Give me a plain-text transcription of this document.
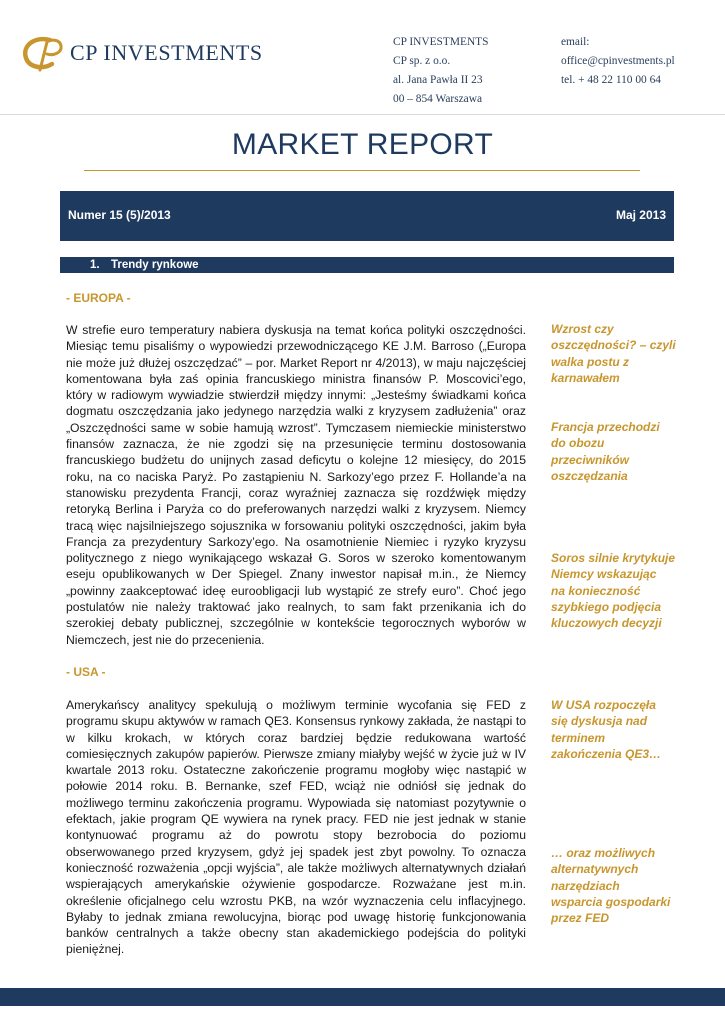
CP INVESTMENTS	CP INVESTMENTS
CP sp. z o.o.
al. Jana Pawła II 23
00 – 854 Warszawa
email:
office@cpinvestments.pl
tel. + 48 22 110 00 64
MARKET REPORT
Numer 15 (5)/2013	Maj 2013
1. Trendy rynkowe
- EUROPA -
W strefie euro temperatury nabiera dyskusja na temat końca polityki oszczędności.
Miesiąc temu pisaliśmy o wypowiedzi przewodniczącego KE J.M. Barroso („Europa
nie może już dłużej oszczędzać” – por. Market Report nr 4/2013), w maju najczęściej
komentowana była zaś opinia francuskiego ministra finansów P. Moscovici’ego,
który w radiowym wywiadzie stwierdził między innymi: „Jesteśmy świadkami końca
dogmatu oszczędzania jako jedynego narzędzia walki z kryzysem zadłużenia” oraz
„Oszczędności same w sobie hamują wzrost”. Tymczasem niemieckie ministerstwo
finansów zaznacza, że nie zgodzi się na przesunięcie terminu dostosowania
francuskiego budżetu do unijnych zasad deficytu o kolejne 12 miesięcy, do 2015
roku, na co naciska Paryż. Po zastąpieniu N. Sarkozy’ego przez F. Hollande’a na
stanowisku prezydenta Francji, coraz wyraźniej zaznacza się rozdźwięk między
retoryką Berlina i Paryża co do preferowanych narzędzi walki z kryzysem. Niemcy
tracą więc najsilniejszego sojusznika w forsowaniu polityki oszczędności, jakim była
Francja za prezydentury Sarkozy’ego. Na osamotnienie Niemiec i ryzyko kryzysu
politycznego z niego wynikającego wskazał G. Soros w szeroko komentowanym
eseju opublikowanych w Der Spiegel. Znany inwestor napisał m.in., że Niemcy
„powinny zaakceptować ideę euroobligacji lub wystąpić ze strefy euro”. Choć jego
postulatów nie należy traktować jako realnych, to sam fakt przenikania ich do
szerokiej debaty publicznej, szczególnie w kontekście tegorocznych wyborów w
Niemczech, jest nie do przecenienia.
Wzrost czy
oszczędności? – czyli
walka postu z
karnawałem
Francja przechodzi
do obozu
przeciwników
oszczędzania
Soros silnie krytykuje
Niemcy wskazując
na konieczność
szybkiego podjęcia
kluczowych decyzji
- USA -
Amerykańscy analitycy spekulują o możliwym terminie wycofania się FED z
programu skupu aktywów w ramach QE3. Konsensus rynkowy zakłada, że nastąpi to
w kilku krokach, w których coraz bardziej będzie redukowana wartość
comiesięcznych zakupów papierów. Pierwsze zmiany miałyby wejść w życie już w IV
kwartale 2013 roku. Ostateczne zakończenie programu mogłoby więc nastąpić w
połowie 2014 roku. B. Bernanke, szef FED, wciąż nie odniósł się jednak do
możliwego terminu zakończenia programu. Wypowiada się natomiast pozytywnie o
efektach, jakie program QE wywiera na rynek pracy. FED nie jest jednak w stanie
kontynuować programu aż do powrotu stopy bezrobocia do poziomu
obserwowanego przed kryzysem, gdyż jej spadek jest zbyt powolny. To oznacza
konieczność rozważenia „opcji wyjścia”, ale także możliwych alternatywnych działań
wspierających amerykańskie ożywienie gospodarcze. Rozważane jest m.in.
określenie oficjalnego celu wzrostu PKB, na wzór wyznaczenia celu inflacyjnego.
Byłaby to jednak zmiana rewolucyjna, biorąc pod uwagę historię funkcjonowania
banków centralnych a także obecny stan akademickiego podejścia do polityki
pieniężnej.
W USA rozpoczęła
się dyskusja nad
terminem
zakończenia QE3…
… oraz możliwych
alternatywnych
narzędziach
wsparcia gospodarki
przez FED
